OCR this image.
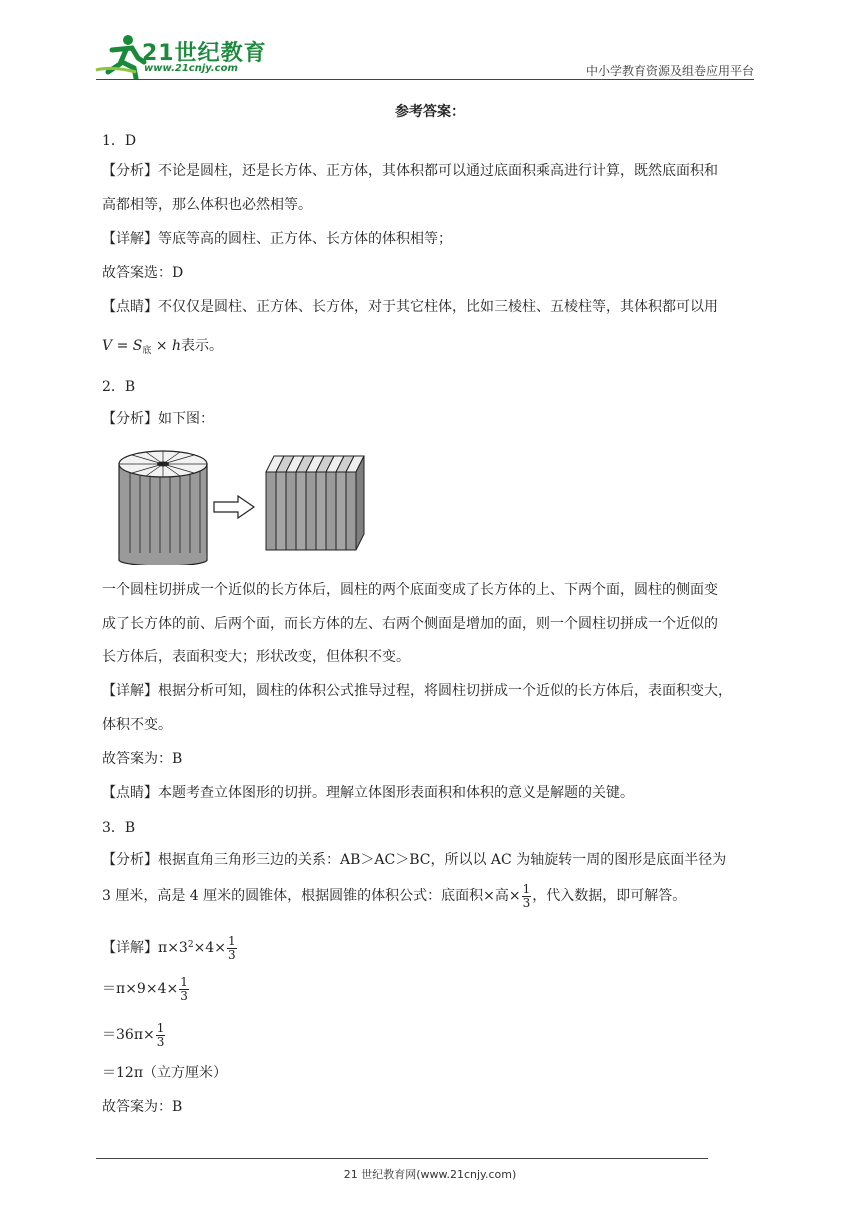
21世纪教育
www.21cnjy.com	中小学教育资源及组卷应用平台
参考答案：
1．D
【分析】不论是圆柱，还是长方体、正方体，其体积都可以通过底面积乘高进行计算，既然底面积和
高都相等，那么体积也必然相等。
【详解】等底等高的圆柱、正方体、长方体的体积相等；
故答案选：D
【点睛】不仅仅是圆柱、正方体、长方体，对于其它柱体，比如三棱柱、五棱柱等，其体积都可以用
$V = S_底 \times h$表示。
2．B
【分析】如下图：
一个圆柱切拼成一个近似的长方体后，圆柱的两个底面变成了长方体的上、下两个面，圆柱的侧面变
成了长方体的前、后两个面，而长方体的左、右两个侧面是增加的面，则一个圆柱切拼成一个近似的
长方体后，表面积变大；形状改变，但体积不变。
【详解】根据分析可知，圆柱的体积公式推导过程，将圆柱切拼成一个近似的长方体后，表面积变大，
体积不变。
故答案为：B
【点睛】本题考查立体图形的切拼。理解立体图形表面积和体积的意义是解题的关键。
3．B
【分析】根据直角三角形三边的关系：AB＞AC＞BC，所以以 AC 为轴旋转一周的图形是底面半径为
3 厘米，高是 4 厘米的圆锥体，根据圆锥的体积公式：底面积×高× $\frac{1}{3}$ ，代入数据，即可解答。
【详解】$\pi\times 3^2\times 4\times \frac{1}{3}$
$=\pi\times 9\times 4\times \frac{1}{3}$
$=36\pi\times \frac{1}{3}$
＝12π（立方厘米）
故答案为：B
21 世纪教育网(www.21cnjy.com)
